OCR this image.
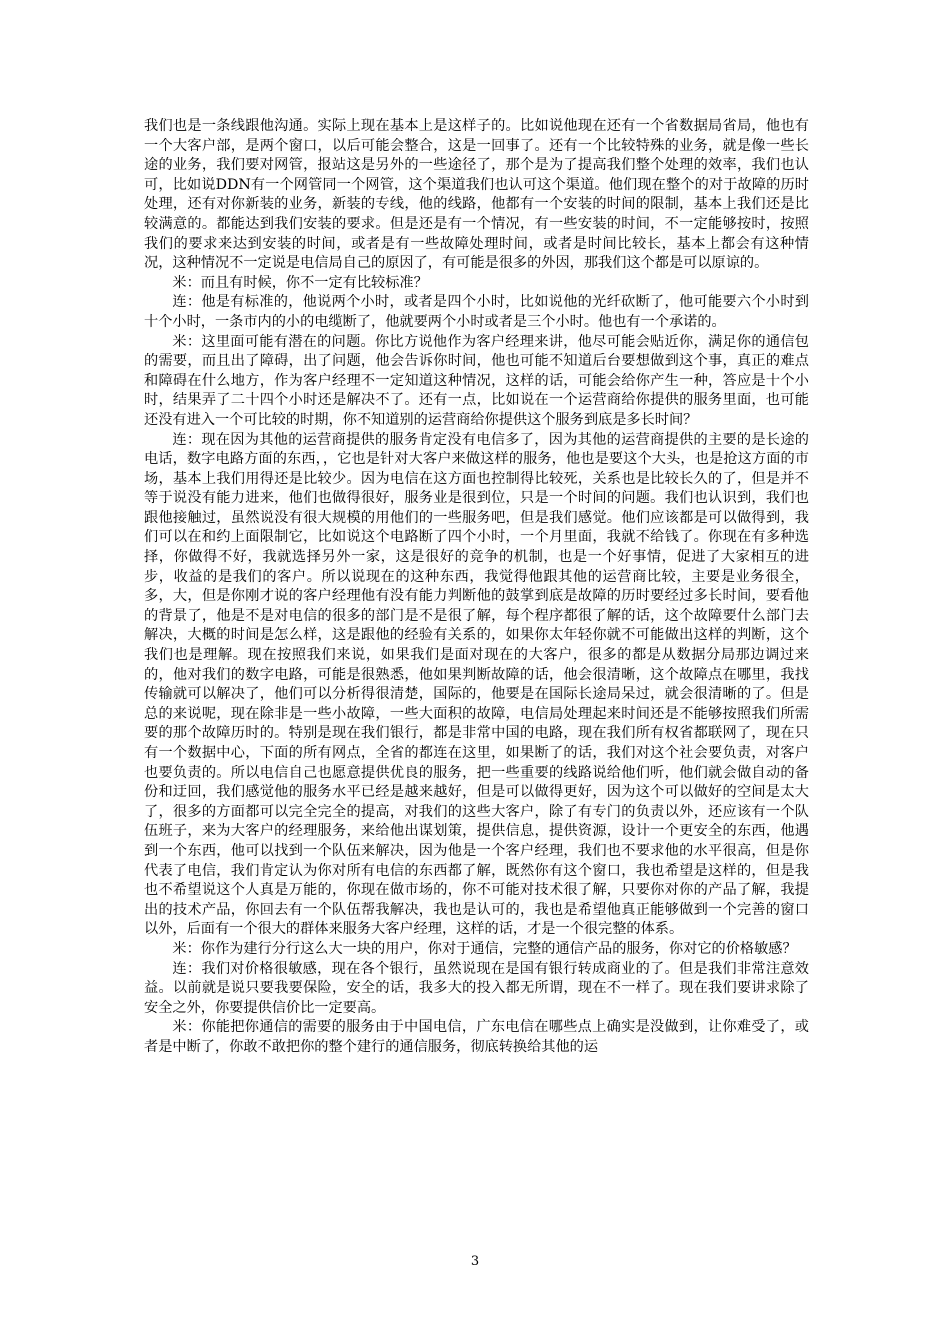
我们也是一条线跟他沟通。实际上现在基本上是这样子的。比如说他现在还有一个省数据局省局，他也有一个大客户部，是两个窗口，以后可能会整合，这是一回事了。还有一个比较特殊的业务，就是像一些长途的业务，我们要对网管，报站这是另外的一些途径了，那个是为了提高我们整个处理的效率，我们也认可，比如说DDN有一个网管同一个网管，这个渠道我们也认可这个渠道。他们现在整个的对于故障的历时处理，还有对你新装的业务，新装的专线，他的线路，他都有一个安装的时间的限制，基本上我们还是比较满意的。都能达到我们安装的要求。但是还是有一个情况，有一些安装的时间，不一定能够按时，按照我们的要求来达到安装的时间，或者是有一些故障处理时间，或者是时间比较长，基本上都会有这种情况，这种情况不一定说是电信局自己的原因了，有可能是很多的外因，那我们这个都是可以原谅的。

米：而且有时候，你不一定有比较标准？

连：他是有标准的，他说两个小时，或者是四个小时，比如说他的光纤砍断了，他可能要六个小时到十个小时，一条市内的小的电缆断了，他就要两个小时或者是三个小时。他也有一个承诺的。

米：这里面可能有潜在的问题。你比方说他作为客户经理来讲，他尽可能会贴近你，满足你的通信包的需要，而且出了障碍，出了问题，他会告诉你时间，他也可能不知道后台要想做到这个事，真正的难点和障碍在什么地方，作为客户经理不一定知道这种情况，这样的话，可能会给你产生一种，答应是十个小时，结果弄了二十四个小时还是解决不了。还有一点，比如说在一个运营商给你提供的服务里面，也可能还没有进入一个可比较的时期，你不知道别的运营商给你提供这个服务到底是多长时间？

连：现在因为其他的运营商提供的服务肯定没有电信多了，因为其他的运营商提供的主要的是长途的电话，数字电路方面的东西，，它也是针对大客户来做这样的服务，他也是要这个大头，也是抢这方面的市场，基本上我们用得还是比较少。因为电信在这方面也控制得比较死，关系也是比较长久的了，但是并不等于说没有能力进来，他们也做得很好，服务业是很到位，只是一个时间的问题。我们也认识到，我们也跟他接触过，虽然说没有很大规模的用他们的一些服务吧，但是我们感觉。他们应该都是可以做得到，我们可以在和约上面限制它，比如说这个电路断了四个小时，一个月里面，我就不给钱了。你现在有多种选择，你做得不好，我就选择另外一家，这是很好的竞争的机制，也是一个好事情，促进了大家相互的进步，收益的是我们的客户。所以说现在的这种东西，我觉得他跟其他的运营商比较，主要是业务很全，多，大，但是你刚才说的客户经理他有没有能力判断他的鼓掌到底是故障的历时要经过多长时间，要看他的背景了，他是不是对电信的很多的部门是不是很了解，每个程序都很了解的话，这个故障要什么部门去解决，大概的时间是怎么样，这是跟他的经验有关系的，如果你太年轻你就不可能做出这样的判断，这个我们也是理解。现在按照我们来说，如果我们是面对现在的大客户，很多的都是从数据分局那边调过来的，他对我们的数字电路，可能是很熟悉，他如果判断故障的话，他会很清晰，这个故障点在哪里，我找传输就可以解决了，他们可以分析得很清楚，国际的，他要是在国际长途局呆过，就会很清晰的了。但是总的来说呢，现在除非是一些小故障，一些大面积的故障，电信局处理起来时间还是不能够按照我们所需要的那个故障历时的。特别是现在我们银行，都是非常中国的电路，现在我们所有权省都联网了，现在只有一个数据中心，下面的所有网点，全省的都连在这里，如果断了的话，我们对这个社会要负责，对客户也要负责的。所以电信自己也愿意提供优良的服务，把一些重要的线路说给他们听，他们就会做自动的备份和迂回，我们感觉他的服务水平已经是越来越好，但是可以做得更好，因为这个可以做好的空间是太大了，很多的方面都可以完全完全的提高，对我们的这些大客户，除了有专门的负责以外，还应该有一个队伍班子，来为大客户的经理服务，来给他出谋划策，提供信息，提供资源，设计一个更安全的东西，他遇到一个东西，他可以找到一个队伍来解决，因为他是一个客户经理，我们也不要求他的水平很高，但是你代表了电信，我们肯定认为你对所有电信的东西都了解，既然你有这个窗口，我也希望是这样的，但是我也不希望说这个人真是万能的，你现在做市场的，你不可能对技术很了解，只要你对你的产品了解，我提出的技术产品，你回去有一个队伍帮我解决，我也是认可的，我也是希望他真正能够做到一个完善的窗口以外，后面有一个很大的群体来服务大客户经理，这样的话，才是一个很完整的体系。

米：你作为建行分行这么大一块的用户，你对于通信，完整的通信产品的服务，你对它的价格敏感？

连：我们对价格很敏感，现在各个银行，虽然说现在是国有银行转成商业的了。但是我们非常注意效益。以前就是说只要我要保险，安全的话，我多大的投入都无所谓，现在不一样了。现在我们要讲求除了安全之外，你要提供信价比一定要高。

米：你能把你通信的需要的服务由于中国电信，广东电信在哪些点上确实是没做到，让你难受了，或者是中断了，你敢不敢把你的整个建行的通信服务，彻底转换给其他的运

3
